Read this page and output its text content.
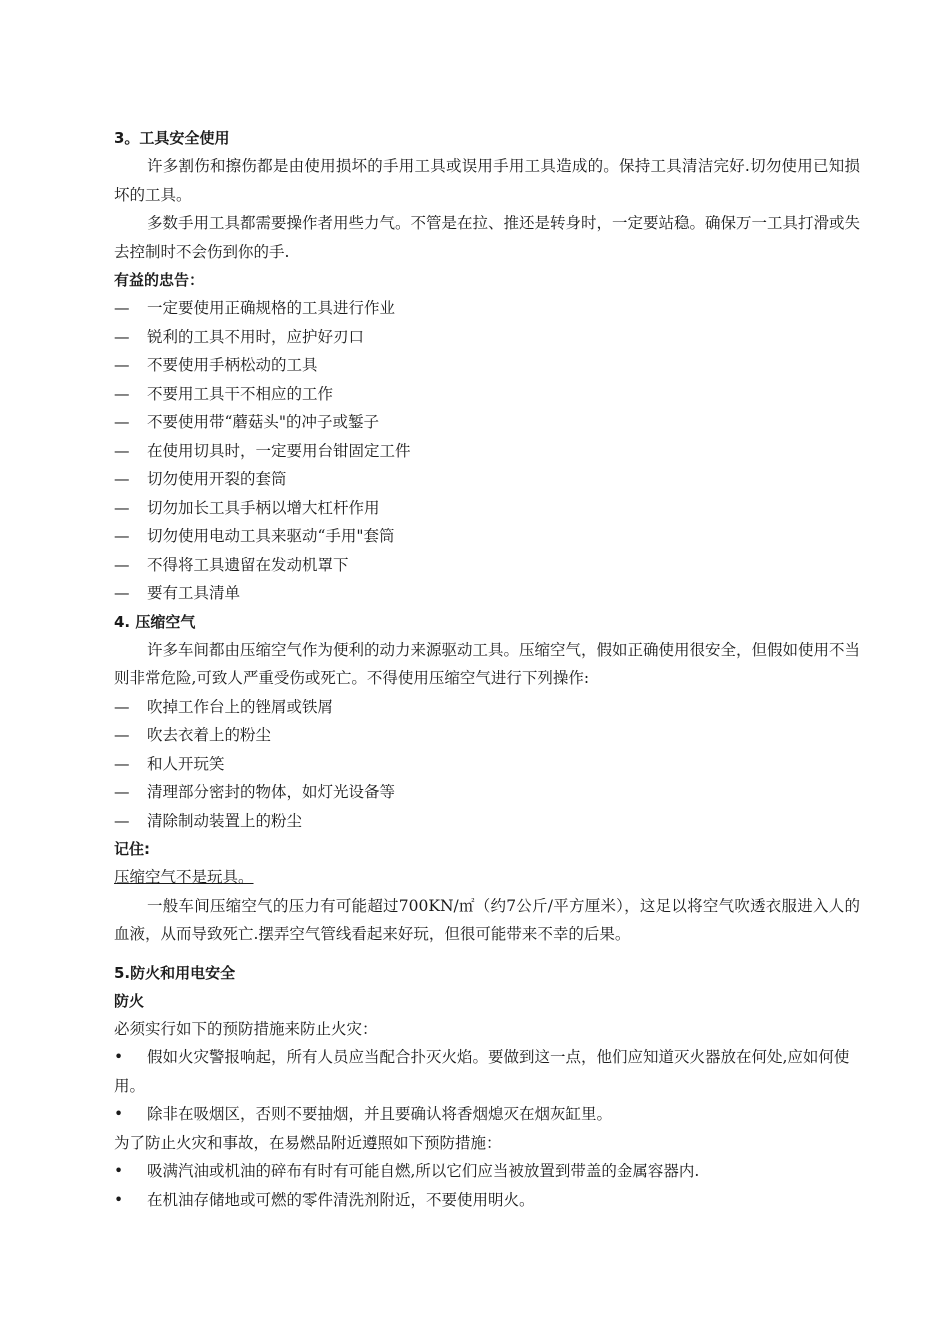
3。工具安全使用
许多割伤和擦伤都是由使用损坏的手用工具或误用手用工具造成的。保持工具清洁完好.切勿使用已知损坏的工具。
多数手用工具都需要操作者用些力气。不管是在拉、推还是转身时，一定要站稳。确保万一工具打滑或失去控制时不会伤到你的手.
有益的忠告：
—	一定要使用正确规格的工具进行作业
—	锐利的工具不用时，应护好刃口
—	不要使用手柄松动的工具
—	不要用工具干不相应的工作
—	不要使用带“蘑菇头"的冲子或錾子
—	在使用切具时，一定要用台钳固定工件
—	切勿使用开裂的套筒
—	切勿加长工具手柄以增大杠杆作用
—	切勿使用电动工具来驱动“手用"套筒
—	不得将工具遗留在发动机罩下
—	要有工具清单
4. 压缩空气
许多车间都由压缩空气作为便利的动力来源驱动工具。压缩空气，假如正确使用很安全，但假如使用不当则非常危险,可致人严重受伤或死亡。不得使用压缩空气进行下列操作:
—	吹掉工作台上的锉屑或铁屑
—	吹去衣着上的粉尘
—	和人开玩笑
—	清理部分密封的物体，如灯光设备等
—	清除制动装置上的粉尘
记住:
压缩空气不是玩具。
一般车间压缩空气的压力有可能超过700KN/㎡（约7公斤/平方厘米），这足以将空气吹透衣服进入人的血液，从而导致死亡.摆弄空气管线看起来好玩，但很可能带来不幸的后果。
5.防火和用电安全
防火
必须实行如下的预防措施来防止火灾：
• 假如火灾警报响起，所有人员应当配合扑灭火焰。要做到这一点，他们应知道灭火器放在何处,应如何使用。
• 除非在吸烟区，否则不要抽烟，并且要确认将香烟熄灭在烟灰缸里。
为了防止火灾和事故，在易燃品附近遵照如下预防措施：
• 吸满汽油或机油的碎布有时有可能自燃,所以它们应当被放置到带盖的金属容器内.
• 在机油存储地或可燃的零件清洗剂附近，不要使用明火。
